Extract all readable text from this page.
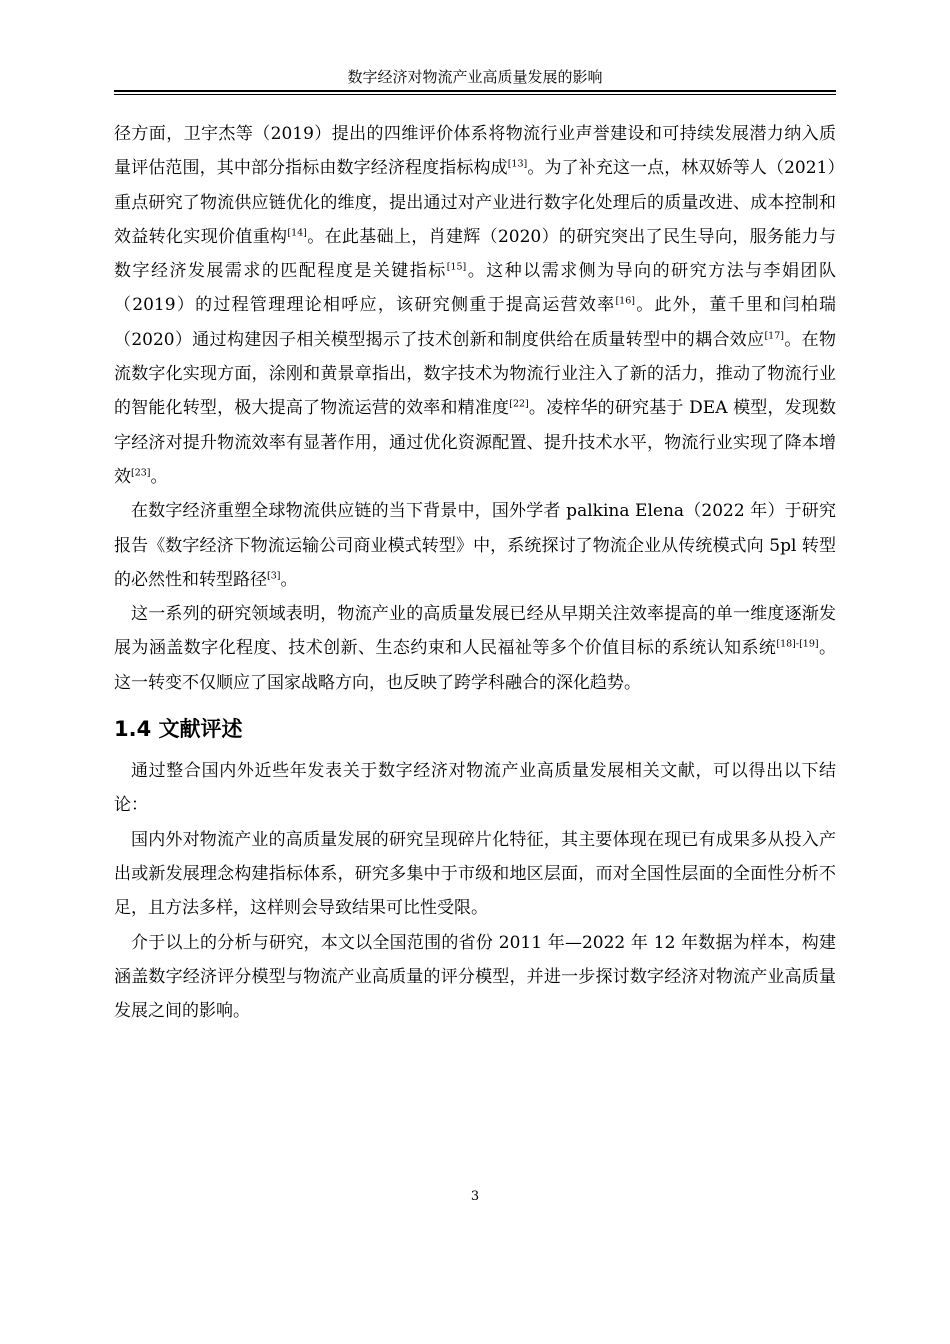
数字经济对物流产业高质量发展的影响

径方面，卫宇杰等（2019）提出的四维评价体系将物流行业声誉建设和可持续发展潜力纳入质量评估范围，其中部分指标由数字经济程度指标构成[13]。为了补充这一点，林双娇等人（2021）重点研究了物流供应链优化的维度，提出通过对产业进行数字化处理后的质量改进、成本控制和效益转化实现价值重构[14]。在此基础上，肖建辉（2020）的研究突出了民生导向，服务能力与数字经济发展需求的匹配程度是关键指标[15]。这种以需求侧为导向的研究方法与李娟团队（2019）的过程管理理论相呼应，该研究侧重于提高运营效率[16]。此外，董千里和闫柏瑞（2020）通过构建因子相关模型揭示了技术创新和制度供给在质量转型中的耦合效应[17]。在物流数字化实现方面，涂刚和黄景章指出，数字技术为物流行业注入了新的活力，推动了物流行业的智能化转型，极大提高了物流运营的效率和精准度[22]。凌梓华的研究基于 DEA 模型，发现数字经济对提升物流效率有显著作用，通过优化资源配置、提升技术水平，物流行业实现了降本增效[23]。

在数字经济重塑全球物流供应链的当下背景中，国外学者 palkina Elena（2022 年）于研究报告《数字经济下物流运输公司商业模式转型》中，系统探讨了物流企业从传统模式向 5pl 转型的必然性和转型路径[3]。

这一系列的研究领域表明，物流产业的高质量发展已经从早期关注效率提高的单一维度逐渐发展为涵盖数字化程度、技术创新、生态约束和人民福祉等多个价值目标的系统认知系统[18]-[19]。这一转变不仅顺应了国家战略方向，也反映了跨学科融合的深化趋势。

1.4 文献评述

通过整合国内外近些年发表关于数字经济对物流产业高质量发展相关文献，可以得出以下结论：

国内外对物流产业的高质量发展的研究呈现碎片化特征，其主要体现在现已有成果多从投入产出或新发展理念构建指标体系，研究多集中于市级和地区层面，而对全国性层面的全面性分析不足，且方法多样，这样则会导致结果可比性受限。

介于以上的分析与研究，本文以全国范围的省份 2011 年—2022 年 12 年数据为样本，构建涵盖数字经济评分模型与物流产业高质量的评分模型，并进一步探讨数字经济对物流产业高质量发展之间的影响。

3
